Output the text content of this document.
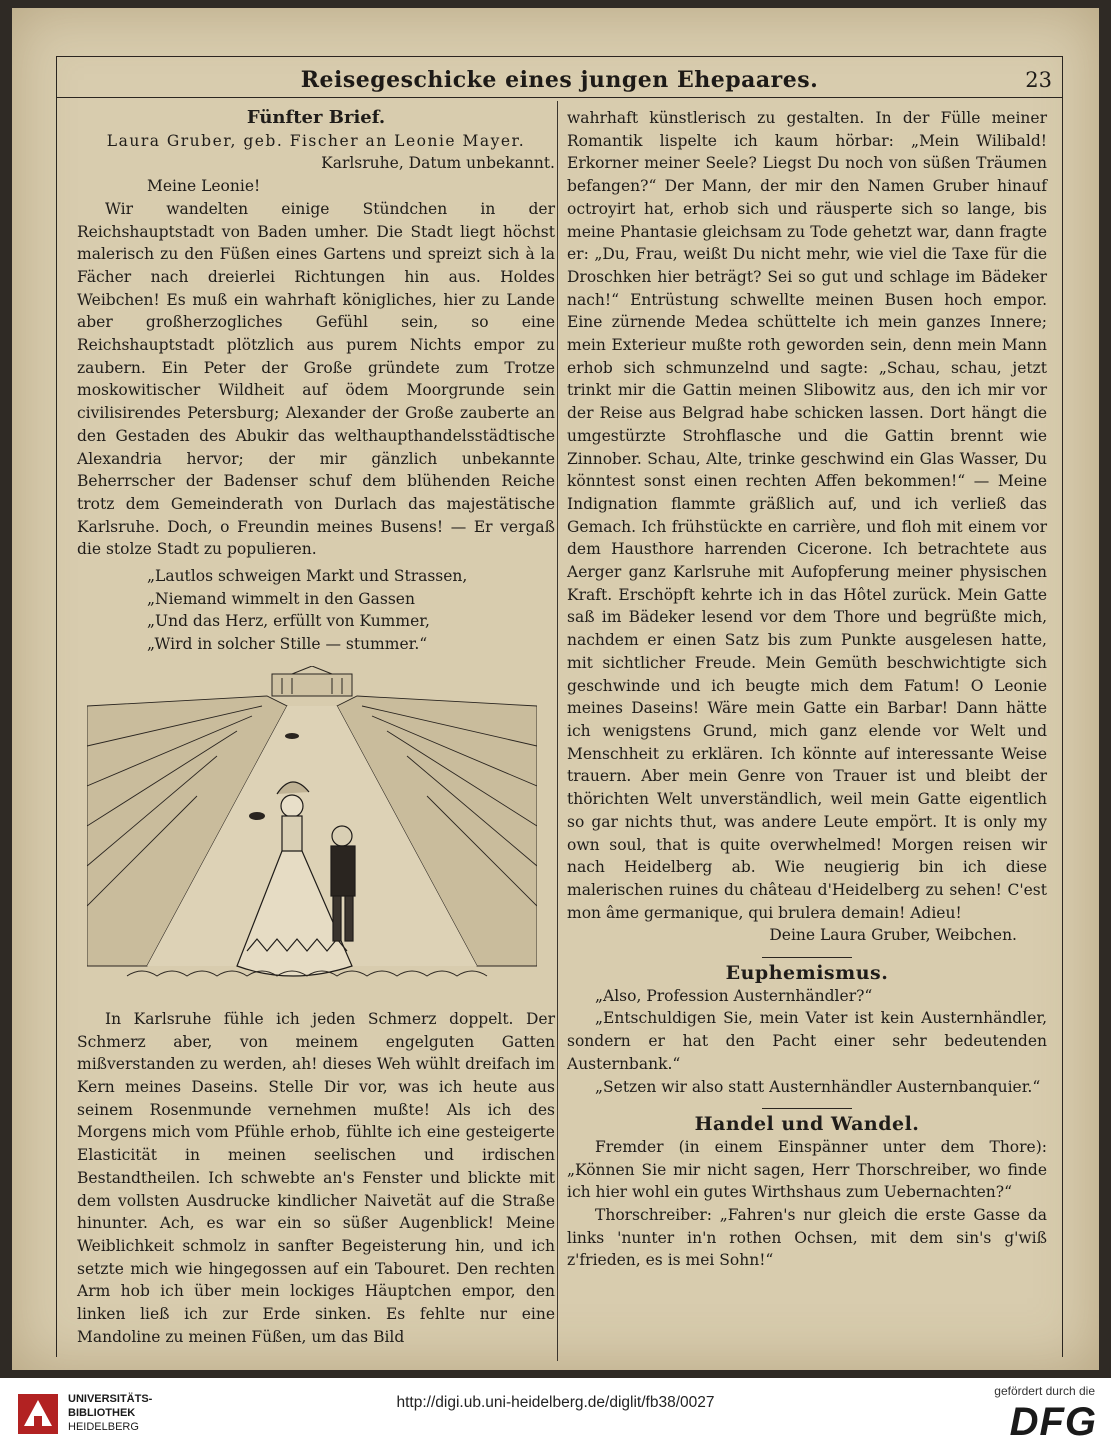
Reisegeschicke eines jungen Ehepaares.	23

Fünfter Brief.

Laura Gruber, geb. Fischer an Leonie Mayer.

Karlsruhe, Datum unbekannt.

Meine Leonie!

Wir wandelten einige Stündchen in der Reichshauptstadt von Baden umher. Die Stadt liegt höchst malerisch zu den Füßen eines Gartens und spreizt sich à la Fächer nach dreierlei Richtungen hin aus. Holdes Weibchen! Es muß ein wahrhaft königliches, hier zu Lande aber großherzogliches Gefühl sein, so eine Reichshauptstadt plötzlich aus purem Nichts empor zu zaubern. Ein Peter der Große gründete zum Trotze moskowitischer Wildheit auf ödem Moorgrunde sein civilisirendes Petersburg; Alexander der Große zauberte an den Gestaden des Abukir das welthaupthandelsstädtische Alexandria hervor; der mir gänzlich unbekannte Beherrscher der Badenser schuf dem blühenden Reiche trotz dem Gemeinderath von Durlach das majestätische Karlsruhe. Doch, o Freundin meines Busens! — Er vergaß die stolze Stadt zu populieren.

„Lautlos schweigen Markt und Strassen,

„Niemand wimmelt in den Gassen

„Und das Herz, erfüllt von Kummer,

„Wird in solcher Stille — stummer.“

In Karlsruhe fühle ich jeden Schmerz doppelt. Der Schmerz aber, von meinem engelguten Gatten mißverstanden zu werden, ah! dieses Weh wühlt dreifach im Kern meines Daseins. Stelle Dir vor, was ich heute aus seinem Rosenmunde vernehmen mußte! Als ich des Morgens mich vom Pfühle erhob, fühlte ich eine gesteigerte Elasticität in meinen seelischen und irdischen Bestandtheilen. Ich schwebte an's Fenster und blickte mit dem vollsten Ausdrucke kindlicher Naivetät auf die Straße hinunter. Ach, es war ein so süßer Augenblick! Meine Weiblichkeit schmolz in sanfter Begeisterung hin, und ich setzte mich wie hingegossen auf ein Tabouret. Den rechten Arm hob ich über mein lockiges Häuptchen empor, den linken ließ ich zur Erde sinken. Es fehlte nur eine Mandoline zu meinen Füßen, um das Bild

wahrhaft künstlerisch zu gestalten. In der Fülle meiner Romantik lispelte ich kaum hörbar: „Mein Wilibald! Erkorner meiner Seele? Liegst Du noch von süßen Träumen befangen?“ Der Mann, der mir den Namen Gruber hinauf octroyirt hat, erhob sich und räusperte sich so lange, bis meine Phantasie gleichsam zu Tode gehetzt war, dann fragte er: „Du, Frau, weißt Du nicht mehr, wie viel die Taxe für die Droschken hier beträgt? Sei so gut und schlage im Bädeker nach!“ Entrüstung schwellte meinen Busen hoch empor. Eine zürnende Medea schüttelte ich mein ganzes Innere; mein Exterieur mußte roth geworden sein, denn mein Mann erhob sich schmunzelnd und sagte: „Schau, schau, jetzt trinkt mir die Gattin meinen Slibowitz aus, den ich mir vor der Reise aus Belgrad habe schicken lassen. Dort hängt die umgestürzte Strohflasche und die Gattin brennt wie Zinnober. Schau, Alte, trinke geschwind ein Glas Wasser, Du könntest sonst einen rechten Affen bekommen!“ — Meine Indignation flammte gräßlich auf, und ich verließ das Gemach. Ich frühstückte en carrière, und floh mit einem vor dem Hausthore harrenden Cicerone. Ich betrachtete aus Aerger ganz Karlsruhe mit Aufopferung meiner physischen Kraft. Erschöpft kehrte ich in das Hôtel zurück. Mein Gatte saß im Bädeker lesend vor dem Thore und begrüßte mich, nachdem er einen Satz bis zum Punkte ausgelesen hatte, mit sichtlicher Freude. Mein Gemüth beschwichtigte sich geschwinde und ich beugte mich dem Fatum! O Leonie meines Daseins! Wäre mein Gatte ein Barbar! Dann hätte ich wenigstens Grund, mich ganz elende vor Welt und Menschheit zu erklären. Ich könnte auf interessante Weise trauern. Aber mein Genre von Trauer ist und bleibt der thörichten Welt unverständlich, weil mein Gatte eigentlich so gar nichts thut, was andere Leute empört. It is only my own soul, that is quite overwhelmed! Morgen reisen wir nach Heidelberg ab. Wie neugierig bin ich diese malerischen ruines du château d'Heidelberg zu sehen! C'est mon âme germanique, qui brulera demain! Adieu!

Deine Laura Gruber, Weibchen.

Euphemismus.

„Also, Profession Austernhändler?“

„Entschuldigen Sie, mein Vater ist kein Austernhändler, sondern er hat den Pacht einer sehr bedeutenden Austernbank.“

„Setzen wir also statt Austernhändler Austernbanquier.“

Handel und Wandel.

Fremder (in einem Einspänner unter dem Thore): „Können Sie mir nicht sagen, Herr Thorschreiber, wo finde ich hier wohl ein gutes Wirthshaus zum Uebernachten?“

Thorschreiber: „Fahren's nur gleich die erste Gasse da links 'nunter in'n rothen Ochsen, mit dem sin's g'wiß z'frieden, es is mei Sohn!“

UNIVERSITÄTS-
BIBLIOTHEK
HEIDELBERG
http://digi.ub.uni-heidelberg.de/diglit/fb38/0027
gefördert durch die
DFG
